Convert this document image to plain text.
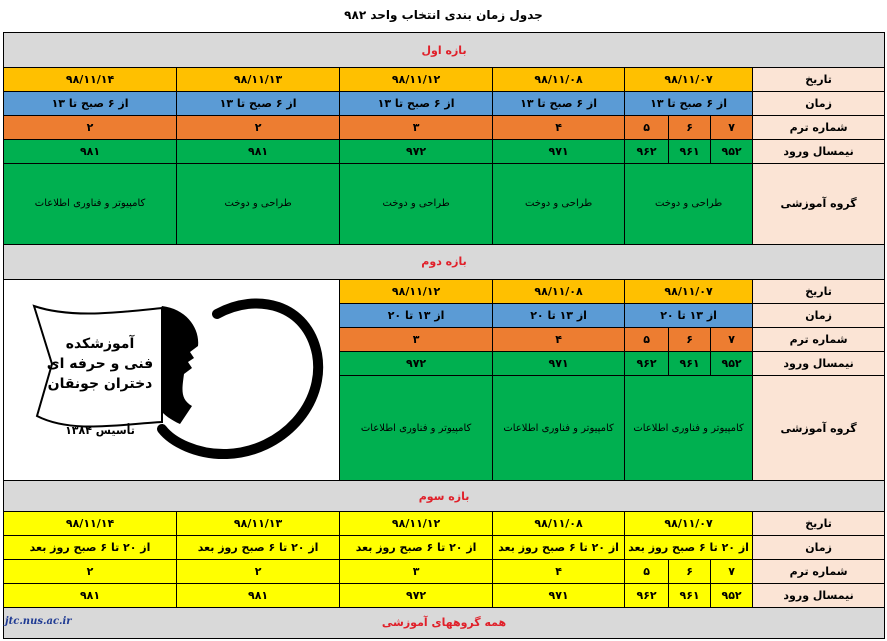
جدول زمان بندی انتخاب واحد ۹۸۲
بازه اول							
تاریخ	۹۸/۱۱/۰۷			۹۸/۱۱/۰۸	۹۸/۱۱/۱۲	۹۸/۱۱/۱۳	۹۸/۱۱/۱۴
زمان	از ۶ صبح تا ۱۳			از ۶ صبح تا ۱۳	از ۶ صبح تا ۱۳	از ۶ صبح تا ۱۳	از ۶ صبح تا ۱۳
شماره ترم	۷	۶	۵	۴	۳	۲	۲
نیمسال ورود	۹۵۲	۹۶۱	۹۶۲	۹۷۱	۹۷۲	۹۸۱	۹۸۱
گروه آموزشی	طراحی و دوخت			طراحی و دوخت	طراحی و دوخت	طراحی و دوخت	کامپیوتر و فناوری اطلاعات
بازه دوم							
تاریخ	۹۸/۱۱/۰۷			۹۸/۱۱/۰۸	۹۸/۱۱/۱۲	آموزشکده
فنی و حرفه ای
دختران جونقان
تأسیس ۱۳۸۴	

زمان	از ۱۳ تا ۲۰			از ۱۳ تا ۲۰	از ۱۳ تا ۲۰		
شماره ترم	۷	۶	۵	۴	۳		
نیمسال ورود	۹۵۲	۹۶۱	۹۶۲	۹۷۱	۹۷۲		
گروه آموزشی	کامپیوتر و فناوری اطلاعات			کامپیوتر و فناوری اطلاعات	کامپیوتر و فناوری اطلاعات		
بازه سوم							
تاریخ	۹۸/۱۱/۰۷			۹۸/۱۱/۰۸	۹۸/۱۱/۱۲	۹۸/۱۱/۱۳	۹۸/۱۱/۱۴
زمان	از ۲۰ تا ۶ صبح روز بعد			از ۲۰ تا ۶ صبح روز بعد	از ۲۰ تا ۶ صبح روز بعد	از ۲۰ تا ۶ صبح روز بعد	از ۲۰ تا ۶ صبح روز بعد
شماره ترم	۷	۶	۵	۴	۳	۲	۲
نیمسال ورود	۹۵۲	۹۶۱	۹۶۲	۹۷۱	۹۷۲	۹۸۱	۹۸۱
همه گروههای آموزشی							
jtc.nus.ac.ir
